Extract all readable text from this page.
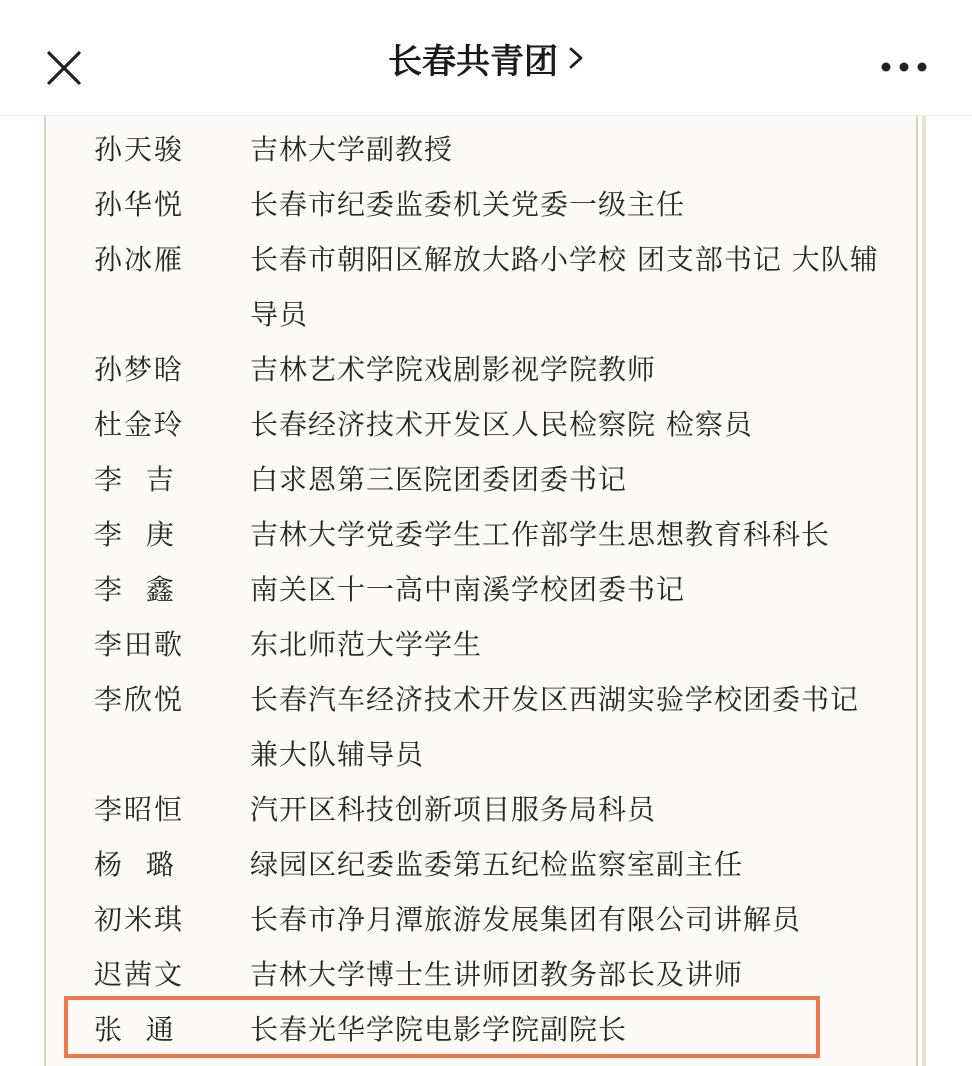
长春共青团
孙天骏	吉林大学副教授
孙华悦	长春市纪委监委机关党委一级主任
孙冰雁	长春市朝阳区解放大路小学校 团支部书记 大队辅
导员
孙梦晗	吉林艺术学院戏剧影视学院教师
杜金玲	长春经济技术开发区人民检察院 检察员
李  吉	白求恩第三医院团委团委书记
李  庚	吉林大学党委学生工作部学生思想教育科科长
李  鑫	南关区十一高中南溪学校团委书记
李田歌	东北师范大学学生
李欣悦	长春汽车经济技术开发区西湖实验学校团委书记
兼大队辅导员
李昭恒	汽开区科技创新项目服务局科员
杨  璐	绿园区纪委监委第五纪检监察室副主任
初米琪	长春市净月潭旅游发展集团有限公司讲解员
迟茜文	吉林大学博士生讲师团教务部长及讲师
张  通	长春光华学院电影学院副院长
